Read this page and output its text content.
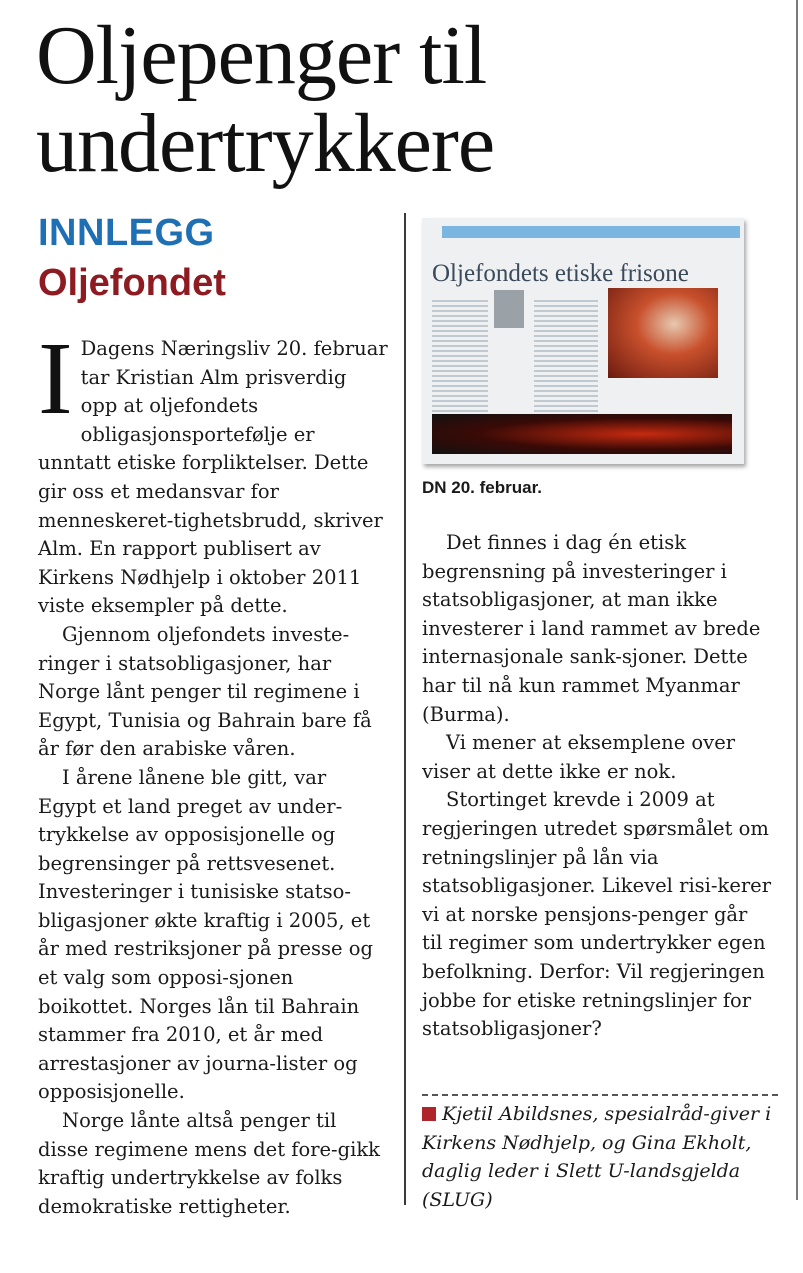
Oljepenger til undertrykkere
INNLEGG
Oljefondet

I Dagens Næringsliv 20. februar tar Kristian Alm prisverdig opp at oljefondets obligasjonsportefølje er unntatt etiske forpliktelser. Dette gir oss et medansvar for menneskeret-tighetsbrudd, skriver Alm. En rapport publisert av Kirkens Nødhjelp i oktober 2011 viste eksempler på dette.

Gjennom oljefondets investe-ringer i statsobligasjoner, har Norge lånt penger til regimene i Egypt, Tunisia og Bahrain bare få år før den arabiske våren.

I årene lånene ble gitt, var Egypt et land preget av under-trykkelse av opposisjonelle og begrensinger på rettsvesenet. Investeringer i tunisiske statso-bligasjoner økte kraftig i 2005, et år med restriksjoner på presse og et valg som opposi-sjonen boikottet. Norges lån til Bahrain stammer fra 2010, et år med arrestasjoner av journa-lister og opposisjonelle.

Norge lånte altså penger til disse regimene mens det fore-gikk kraftig undertrykkelse av folks demokratiske rettigheter.

Oljefondets etiske frisone
DN 20. februar.

Det finnes i dag én etisk begrensning på investeringer i statsobligasjoner, at man ikke investerer i land rammet av brede internasjonale sank-sjoner. Dette har til nå kun rammet Myanmar (Burma).

Vi mener at eksemplene over viser at dette ikke er nok.

Stortinget krevde i 2009 at regjeringen utredet spørsmålet om retningslinjer på lån via statsobligasjoner. Likevel risi-kerer vi at norske pensjons-penger går til regimer som undertrykker egen befolkning. Derfor: Vil regjeringen jobbe for etiske retningslinjer for statsobligasjoner?

Kjetil Abildsnes, spesialråd-giver i Kirkens Nødhjelp, og Gina Ekholt, daglig leder i Slett U-landsgjelda (SLUG)
